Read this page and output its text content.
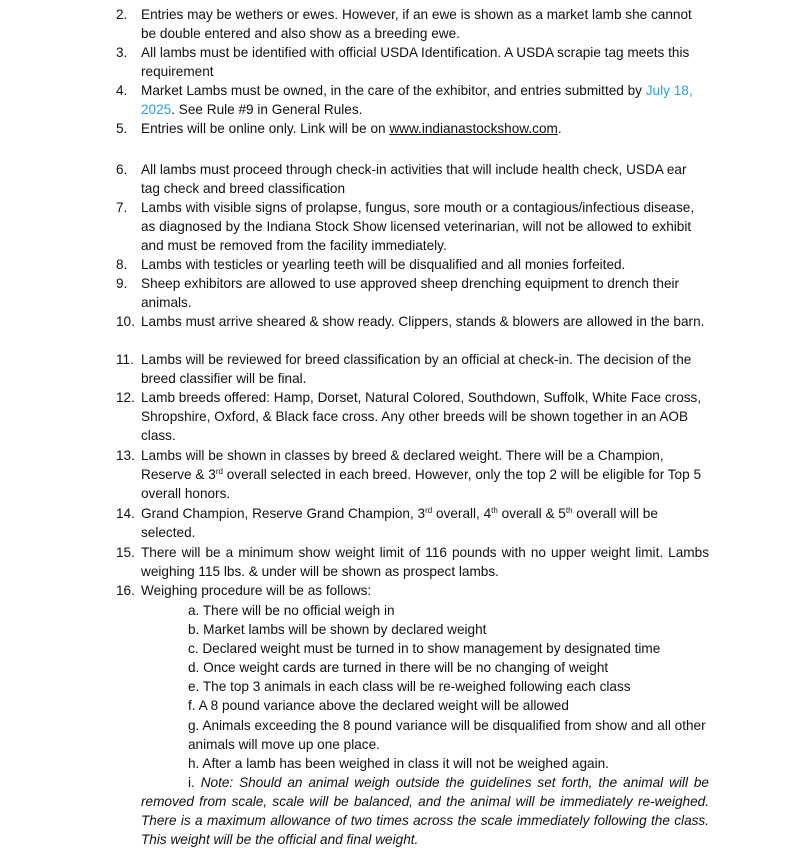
2. Entries may be wethers or ewes. However, if an ewe is shown as a market lamb she cannot be double entered and also show as a breeding ewe.
3. All lambs must be identified with official USDA Identification. A USDA scrapie tag meets this requirement
4. Market Lambs must be owned, in the care of the exhibitor, and entries submitted by July 18, 2025. See Rule #9 in General Rules.
5. Entries will be online only. Link will be on www.indianastockshow.com.
6. All lambs must proceed through check-in activities that will include health check, USDA ear tag check and breed classification
7. Lambs with visible signs of prolapse, fungus, sore mouth or a contagious/infectious disease, as diagnosed by the Indiana Stock Show licensed veterinarian, will not be allowed to exhibit and must be removed from the facility immediately.
8. Lambs with testicles or yearling teeth will be disqualified and all monies forfeited.
9. Sheep exhibitors are allowed to use approved sheep drenching equipment to drench their animals.
10. Lambs must arrive sheared & show ready. Clippers, stands & blowers are allowed in the barn.
11. Lambs will be reviewed for breed classification by an official at check-in. The decision of the breed classifier will be final.
12. Lamb breeds offered: Hamp, Dorset, Natural Colored, Southdown, Suffolk, White Face cross, Shropshire, Oxford, & Black face cross. Any other breeds will be shown together in an AOB class.
13. Lambs will be shown in classes by breed & declared weight. There will be a Champion, Reserve & 3rd overall selected in each breed. However, only the top 2 will be eligible for Top 5 overall honors.
14. Grand Champion, Reserve Grand Champion, 3rd overall, 4th overall & 5th overall will be selected.
15. There will be a minimum show weight limit of 116 pounds with no upper weight limit. Lambs weighing 115 lbs. & under will be shown as prospect lambs.
16. Weighing procedure will be as follows:
a. There will be no official weigh in
b. Market lambs will be shown by declared weight
c. Declared weight must be turned in to show management by designated time
d. Once weight cards are turned in there will be no changing of weight
e. The top 3 animals in each class will be re-weighed following each class
f. A 8 pound variance above the declared weight will be allowed
g. Animals exceeding the 8 pound variance will be disqualified from show and all other animals will move up one place.
h. After a lamb has been weighed in class it will not be weighed again.
i. Note: Should an animal weigh outside the guidelines set forth, the animal will be removed from scale, scale will be balanced, and the animal will be immediately re-weighed. There is a maximum allowance of two times across the scale immediately following the class. This weight will be the official and final weight.
